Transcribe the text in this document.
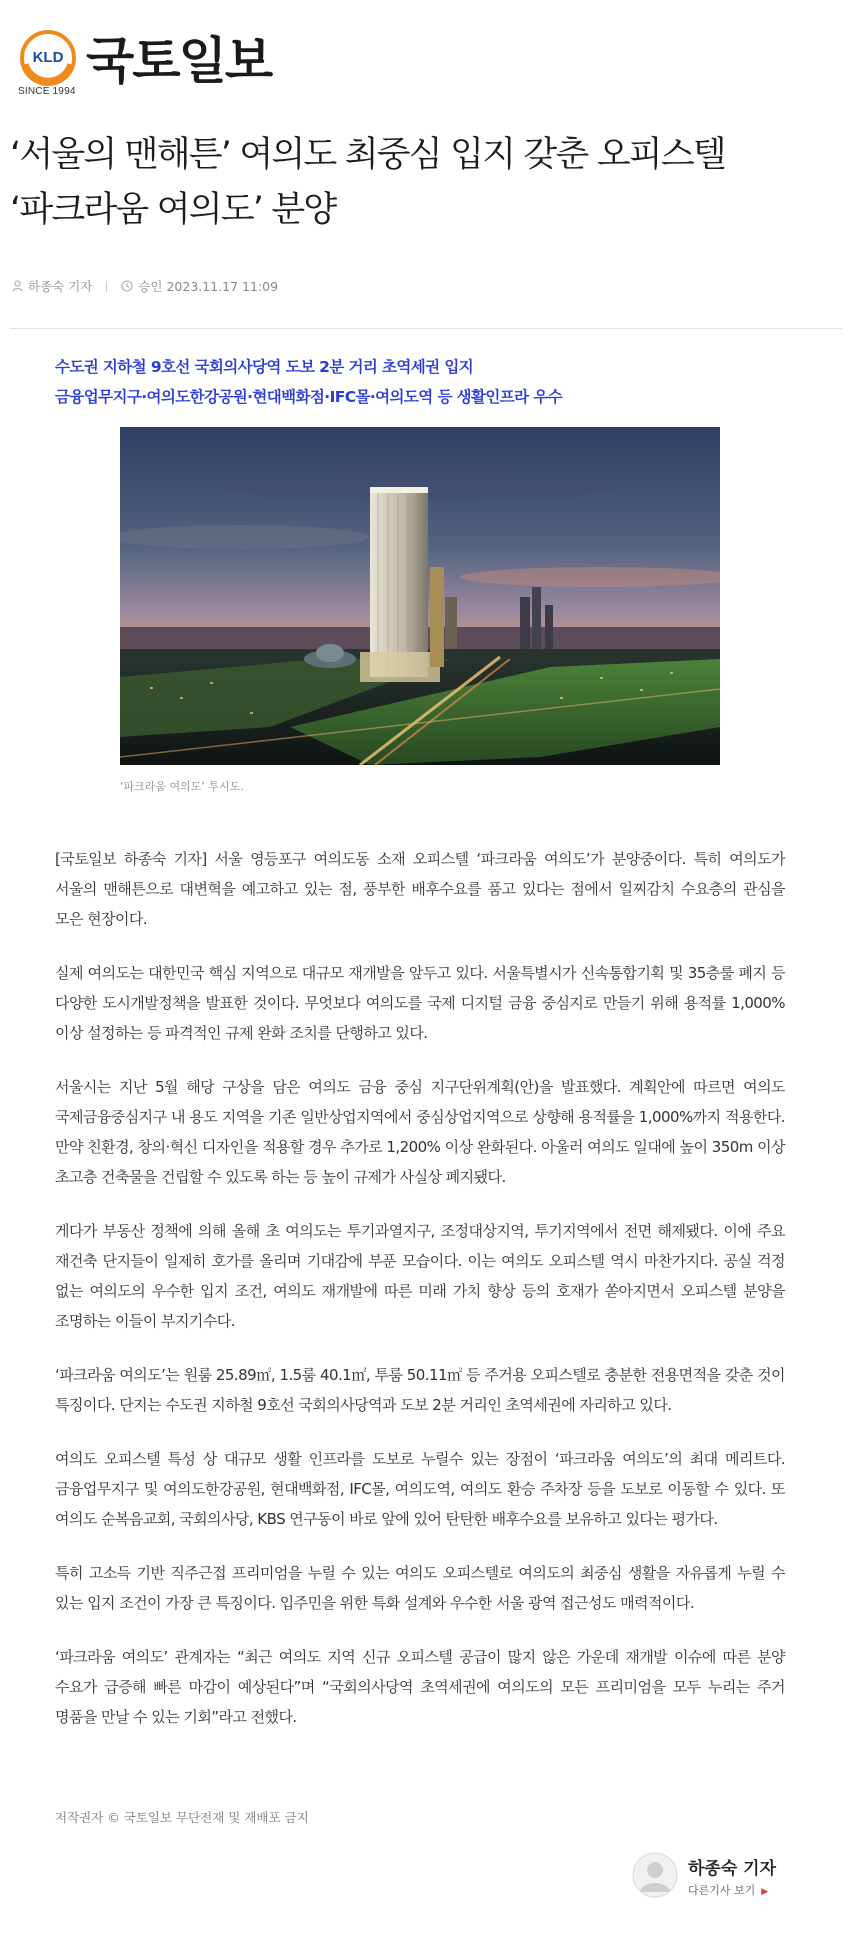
KLD
SINCE 1994
국토일보
‘서울의 맨해튼’ 여의도 최중심 입지 갖춘 오피스텔
‘파크라움 여의도’ 분양
하종숙 기자	승인 2023.11.17 11:09
수도권 지하철 9호선 국회의사당역 도보 2분 거리 초역세권 입지
금융업무지구·여의도한강공원·현대백화점·IFC몰·여의도역 등 생활인프라 우수
‘파크라움 여의도’ 투시도.

[국토일보 하종숙 기자] 서울 영등포구 여의도동 소재 오피스텔 ‘파크라움 여의도’가 분양중이다. 특히 여의도가 서울의 맨해튼으로 대변혁을 예고하고 있는 점, 풍부한 배후수요를 품고 있다는 점에서 일찌감치 수요층의 관심을 모은 현장이다.

실제 여의도는 대한민국 핵심 지역으로 대규모 재개발을 앞두고 있다. 서울특별시가 신속통합기획 및 35층룰 폐지 등 다양한 도시개발정책을 발표한 것이다. 무엇보다 여의도를 국제 디지털 금융 중심지로 만들기 위해 용적률 1,000% 이상 설정하는 등 파격적인 규제 완화 조치를 단행하고 있다.

서울시는 지난 5월 해당 구상을 담은 여의도 금융 중심 지구단위계획(안)을 발표했다. 계획안에 따르면 여의도 국제금융중심지구 내 용도 지역을 기존 일반상업지역에서 중심상업지역으로 상향해 용적률을 1,000%까지 적용한다. 만약 친환경, 창의·혁신 디자인을 적용할 경우 추가로 1,200% 이상 완화된다. 아울러 여의도 일대에 높이 350m 이상 초고층 건축물을 건립할 수 있도록 하는 등 높이 규제가 사실상 폐지됐다.

게다가 부동산 정책에 의해 올해 초 여의도는 투기과열지구, 조정대상지역, 투기지역에서 전면 해제됐다. 이에 주요 재건축 단지들이 일제히 호가를 올리며 기대감에 부푼 모습이다. 이는 여의도 오피스텔 역시 마찬가지다. 공실 걱정 없는 여의도의 우수한 입지 조건, 여의도 재개발에 따른 미래 가치 향상 등의 호재가 쏟아지면서 오피스텔 분양을 조명하는 이들이 부지기수다.

‘파크라움 여의도’는 원룸 25.89㎡, 1.5룸 40.1㎡, 투룸 50.11㎡ 등 주거용 오피스텔로 충분한 전용면적을 갖춘 것이 특징이다. 단지는 수도권 지하철 9호선 국회의사당역과 도보 2분 거리인 초역세권에 자리하고 있다.

여의도 오피스텔 특성 상 대규모 생활 인프라를 도보로 누릴수 있는 장점이 ‘파크라움 여의도’의 최대 메리트다. 금융업무지구 및 여의도한강공원, 현대백화점, IFC몰, 여의도역, 여의도 환승 주차장 등을 도보로 이동할 수 있다. 또 여의도 순복음교회, 국회의사당, KBS 연구동이 바로 앞에 있어 탄탄한 배후수요를 보유하고 있다는 평가다.

특히 고소득 기반 직주근접 프리미엄을 누릴 수 있는 여의도 오피스텔로 여의도의 최중심 생활을 자유롭게 누릴 수 있는 입지 조건이 가장 큰 특징이다. 입주민을 위한 특화 설계와 우수한 서울 광역 접근성도 매력적이다.

‘파크라움 여의도’ 관계자는 “최근 여의도 지역 신규 오피스텔 공급이 많지 않은 가운데 재개발 이슈에 따른 분양 수요가 급증해 빠른 마감이 예상된다”며 “국회의사당역 초역세권에 여의도의 모든 프리미엄을 모두 누리는 주거 명품을 만날 수 있는 기회”라고 전했다.

저작권자 © 국토일보 무단전재 및 재배포 금지
하종숙 기자
다른기사 보기 ▶
